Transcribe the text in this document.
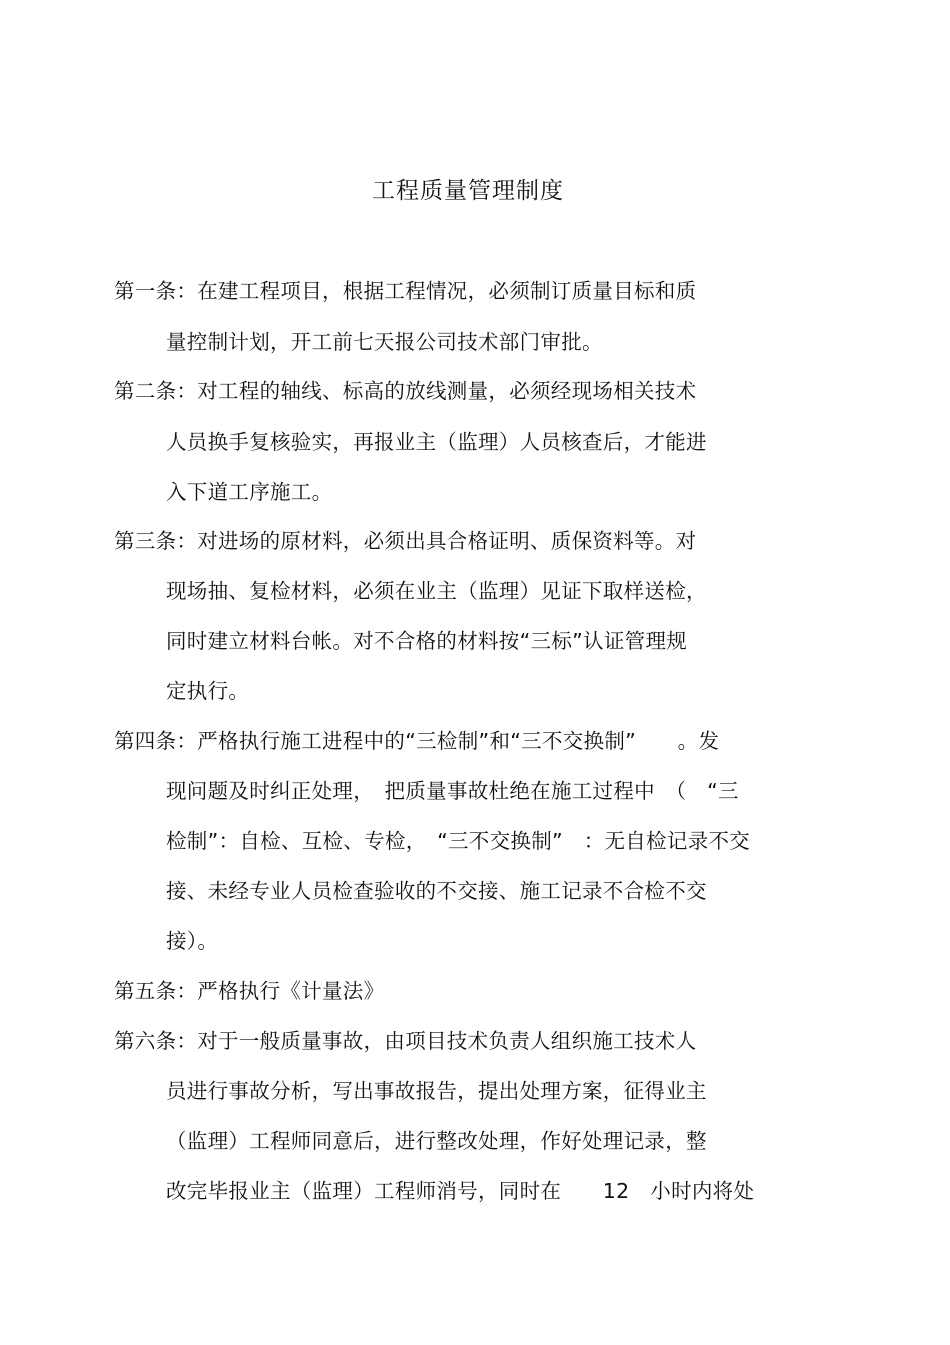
工程质量管理制度
第一条：在建工程项目，根据工程情况，必须制订质量目标和质
量控制计划，开工前七天报公司技术部门审批。
第二条：对工程的轴线、标高的放线测量，必须经现场相关技术
人员换手复核验实，再报业主（监理）人员核查后，才能进
入下道工序施工。
第三条：对进场的原材料，必须出具合格证明、质保资料等。对
现场抽、复检材料，必须在业主（监理）见证下取样送检，
同时建立材料台帐。对不合格的材料按“三标”认证管理规
定执行。
第四条：严格执行施工进程中的“三检制”和“三不交换制”　　。发
现问题及时纠正处理，　把质量事故杜绝在施工过程中　（　“三
检制”：自检、互检、专检，　“三不交换制”　：无自检记录不交
接、未经专业人员检查验收的不交接、施工记录不合检不交
接）。
第五条：严格执行《计量法》
第六条：对于一般质量事故，由项目技术负责人组织施工技术人
员进行事故分析，写出事故报告，提出处理方案，征得业主
（监理）工程师同意后，进行整改处理，作好处理记录，整
改完毕报业主（监理）工程师消号，同时在　　12　小时内将处
